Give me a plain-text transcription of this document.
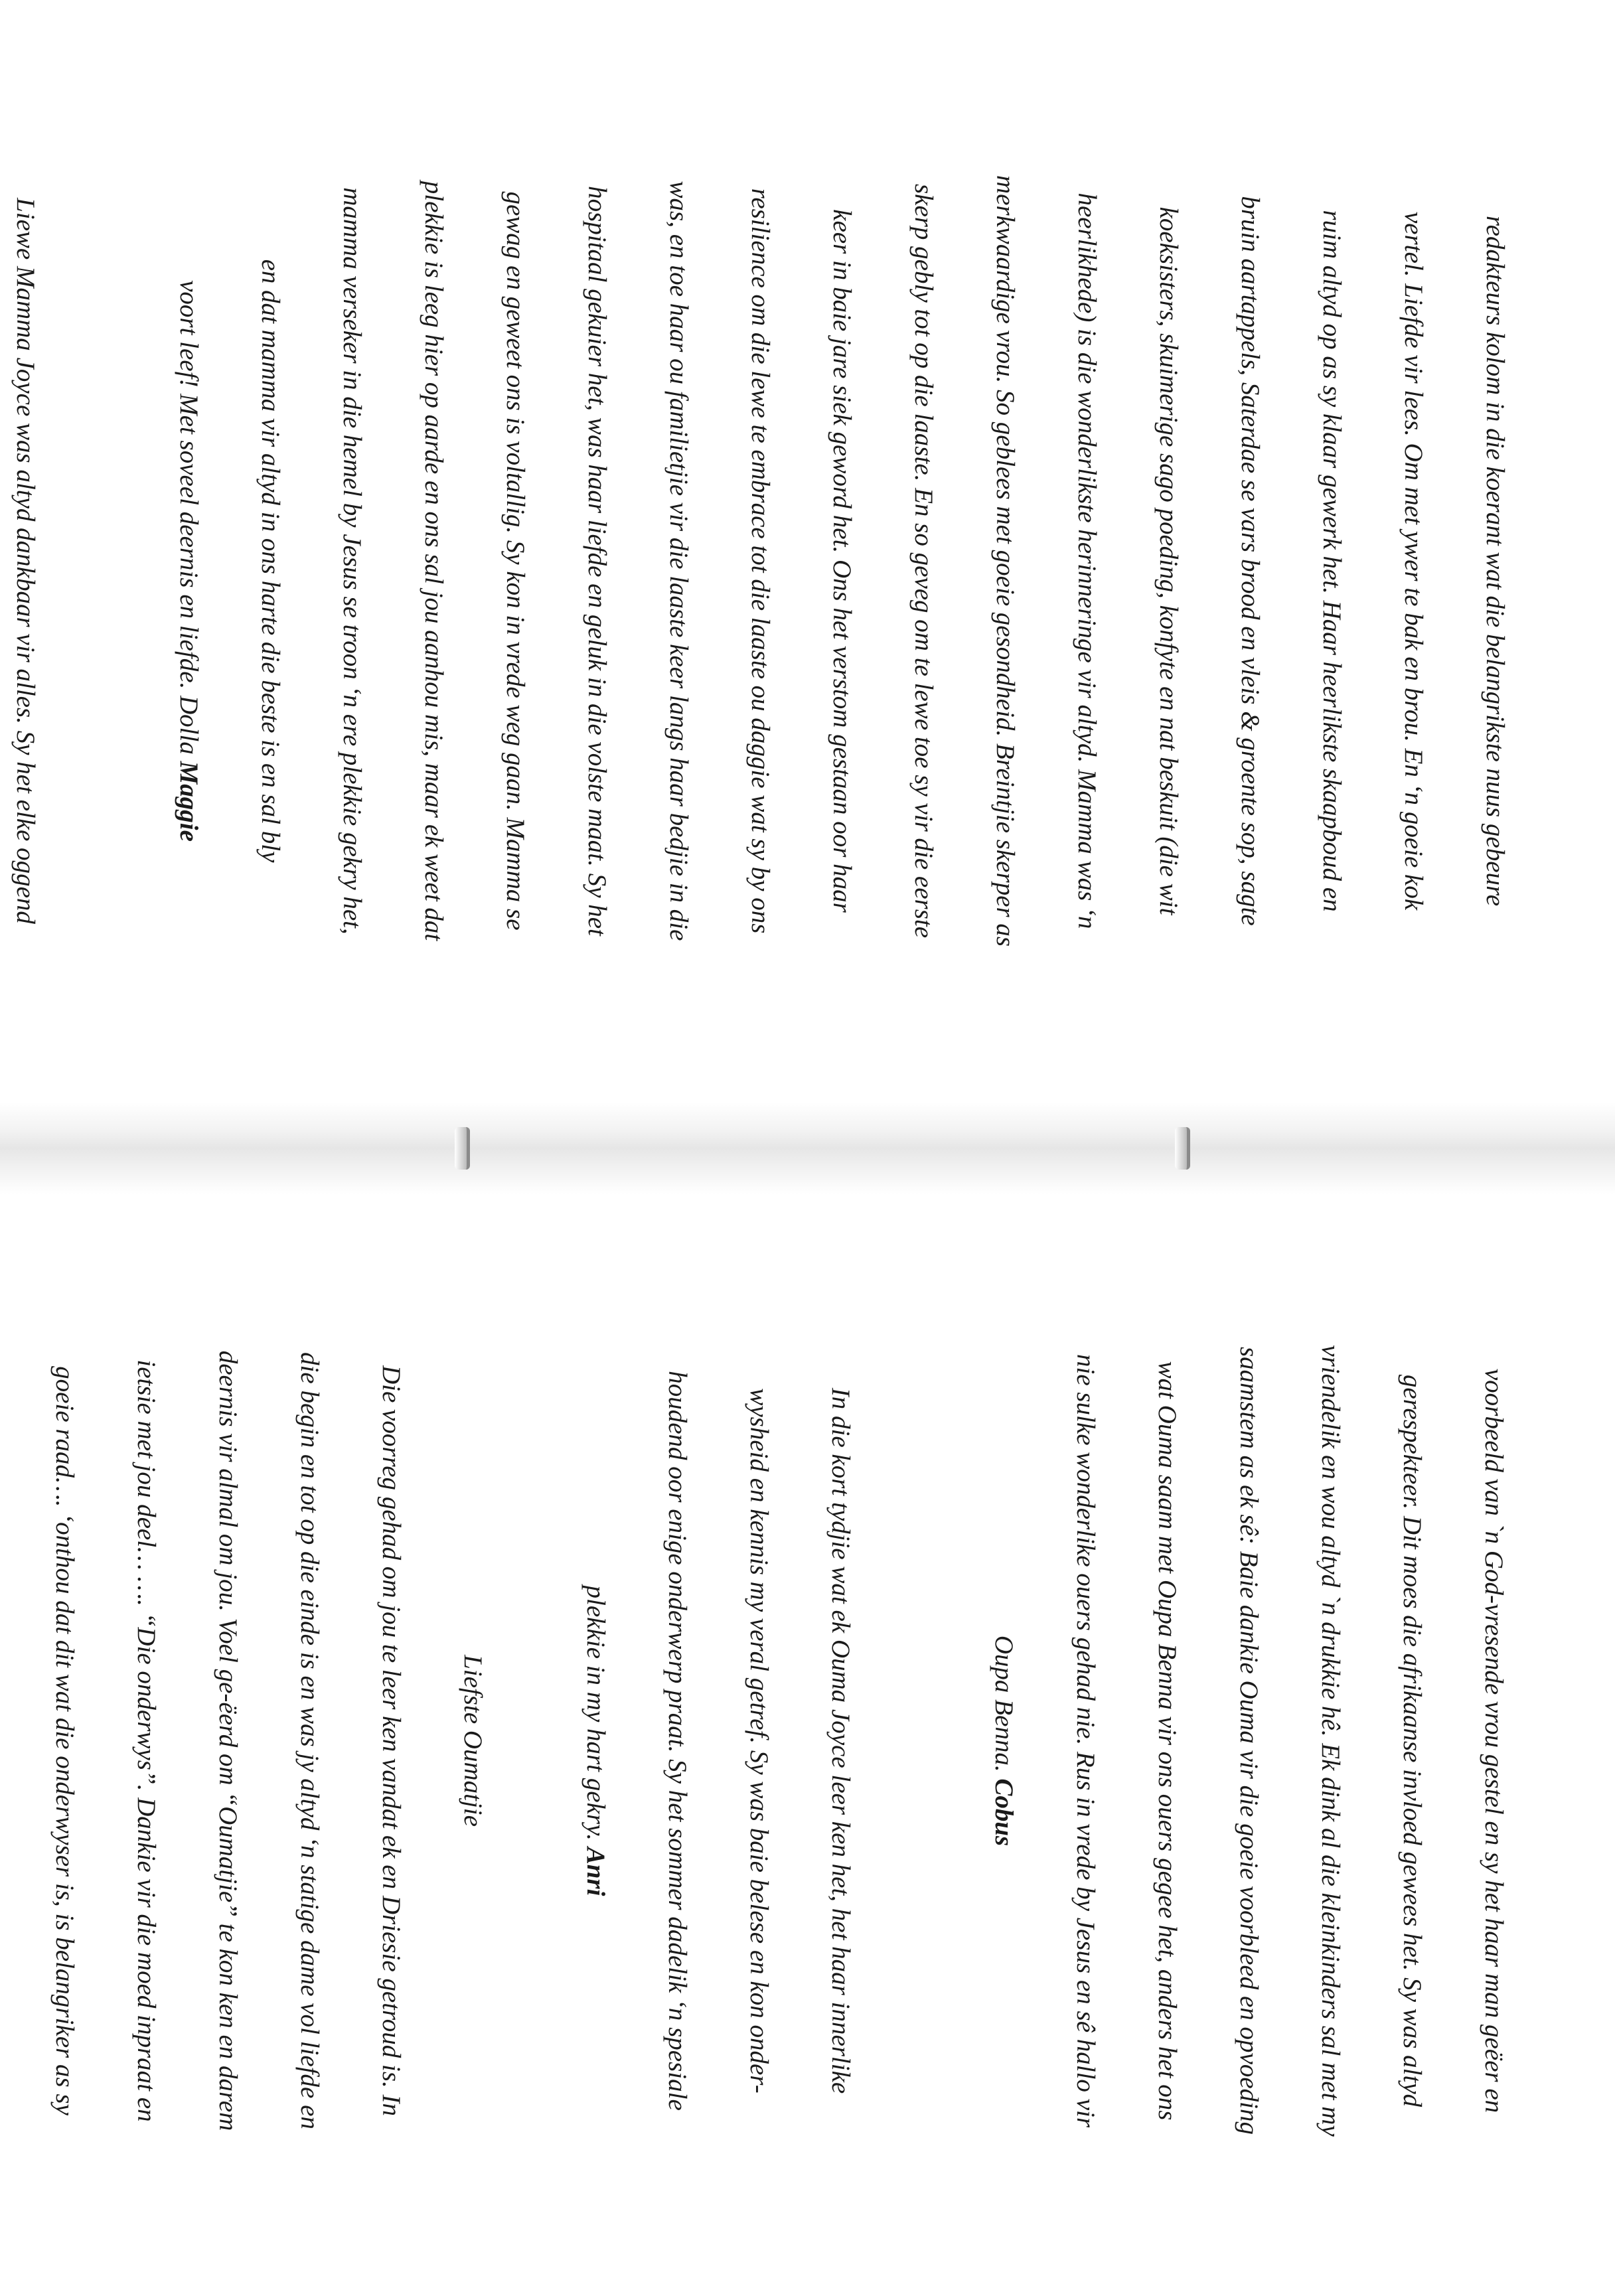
redakteurs kolom in die koerant wat die belangrikste nuus gebeure

vertel. Liefde vir lees. Om met ywer te bak en brou. En ‘n goeie kok

ruim altyd op as sy klaar gewerk het. Haar heerlikste skaapboud en

bruin aartappels, Saterdae se vars brood en vleis & groente sop, sagte

koeksisters, skuimerige sago poeding, konfyte en nat beskuit (die wit

heerlikhede) is die wonderlikste herinneringe vir altyd. Mamma was ‘n

merkwaardige vrou. So geblees met goeie gesondheid. Breintjie skerper as

skerp gebly tot op die laaste. En so geveg om te lewe toe sy vir die eerste

keer in baie jare siek geword het. Ons het verstom gestaan oor haar

resilience om die lewe te embrace tot die laaste ou daggie wat sy by ons

was, en toe haar ou familietjie vir die laaste keer langs haar bedjie in die

hospitaal gekuier het, was haar liefde en geluk in die volste maat. Sy het

gewag en geweet ons is voltallig. Sy kon in vrede weg gaan. Mamma se

plekkie is leeg hier op aarde en ons sal jou aanhou mis, maar ek weet dat

mamma verseker in die hemel by Jesus se troon ‘n ere plekkie gekry het,

en dat mamma vir altyd in ons harte die beste is en sal bly

voort leef! Met soveel deernis en liefde. Dolla Maggie

Liewe Mamma Joyce was altyd dankbaar vir alles. Sy het elke oggend

voorbeeld van `n God-vresende vrou gestel en sy het haar man geëer en

gerespekteer. Dit moes die afrikaanse invloed gewees het. Sy was altyd

vriendelik en wou altyd `n drukkie hê. Ek dink al die kleinkinders sal met my

saamstem as ek sê: Baie dankie Ouma vir die goeie voorbleed en opvoeding

wat Ouma saam met Oupa Benna vir ons ouers gegee het, anders het ons

nie sulke wonderlike ouers gehad nie. Rus in vrede by Jesus en sê hallo vir

Oupa Benna. Cobus

In die kort tydjie wat ek Ouma Joyce leer ken het, het haar innerlike

wysheid en kennis my veral getref. Sy was baie belese en kon onder-

houdend oor enige onderwerp praat. Sy het sommer dadelik ‘n spesiale

plekkie in my hart gekry. Anri

Liefste Oumatjie

Die voorreg gehad om jou te leer ken vandat ek en Driesie getroud is. In

die begin en tot op die einde is en was jy altyd ‘n statige dame vol liefde en

deernis vir almal om jou. Voel ge-ëerd om “Oumatjie” te kon ken en darem

ietsie met jou deel… …. “Die onderwys”. Dankie vir die moed inpraat en

goeie raad…. ‘onthou dat dit wat die onderwyser is, is belangriker as sy
